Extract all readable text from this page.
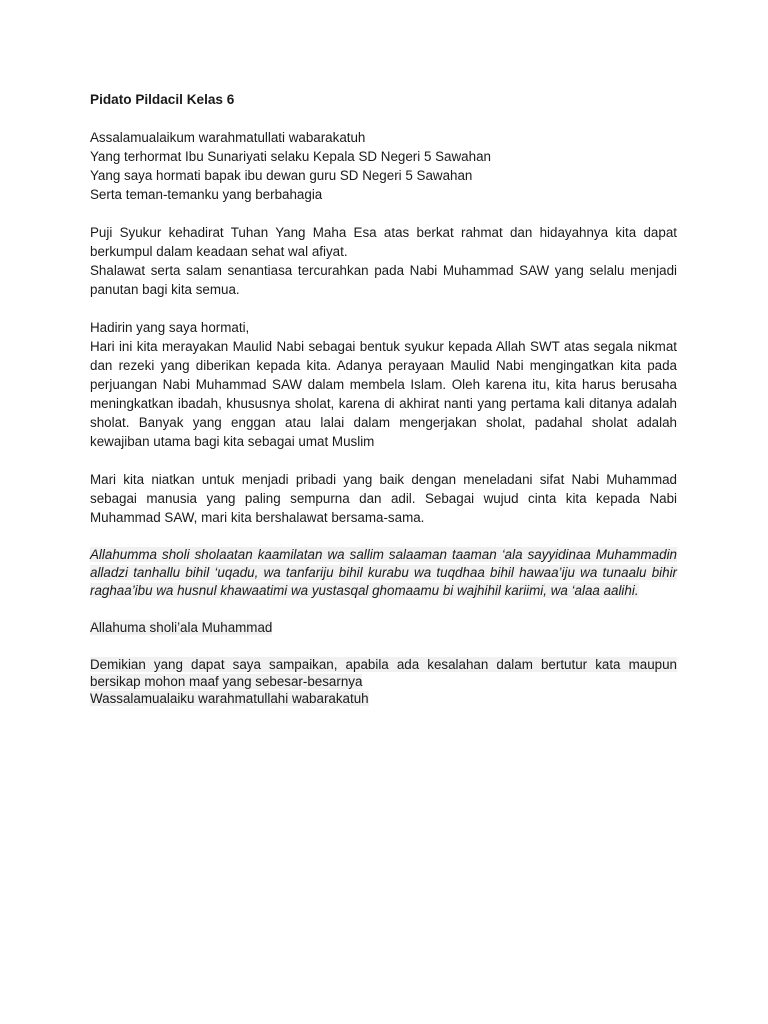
Pidato Pildacil Kelas 6
Assalamualaikum warahmatullati wabarakatuh
Yang terhormat Ibu Sunariyati selaku Kepala SD Negeri 5 Sawahan
Yang saya hormati bapak ibu dewan guru SD Negeri 5 Sawahan
Serta teman-temanku yang berbahagia
Puji Syukur kehadirat Tuhan Yang Maha Esa atas berkat rahmat dan hidayahnya kita dapat berkumpul dalam keadaan sehat wal afiyat.
Shalawat serta salam senantiasa tercurahkan pada Nabi Muhammad SAW yang selalu menjadi panutan bagi kita semua.
Hadirin yang saya hormati,
Hari ini kita merayakan Maulid Nabi sebagai bentuk syukur kepada Allah SWT atas segala nikmat dan rezeki yang diberikan kepada kita. Adanya perayaan Maulid Nabi mengingatkan kita pada perjuangan Nabi Muhammad SAW dalam membela Islam. Oleh karena itu, kita harus berusaha meningkatkan ibadah, khususnya sholat, karena di akhirat nanti yang pertama kali ditanya adalah sholat. Banyak yang enggan atau lalai dalam mengerjakan sholat, padahal sholat adalah kewajiban utama bagi kita sebagai umat Muslim
Mari kita niatkan untuk menjadi pribadi yang baik dengan meneladani sifat Nabi Muhammad sebagai manusia yang paling sempurna dan adil. Sebagai wujud cinta kita kepada Nabi Muhammad SAW, mari kita bershalawat bersama-sama.
Allahumma sholi sholaatan kaamilatan wa sallim salaaman taaman ‘ala sayyidinaa Muhammadin alladzi tanhallu bihil ‘uqadu, wa tanfariju bihil kurabu wa tuqdhaa bihil hawaa’iju wa tunaalu bihir raghaa’ibu wa husnul khawaatimi wa yustasqal ghomaamu bi wajhihil kariimi, wa ‘alaa aalihi.
Allahuma sholi’ala Muhammad
Demikian yang dapat saya sampaikan, apabila ada kesalahan dalam bertutur kata maupun bersikap mohon maaf yang sebesar-besarnya
Wassalamualaiku warahmatullahi wabarakatuh
